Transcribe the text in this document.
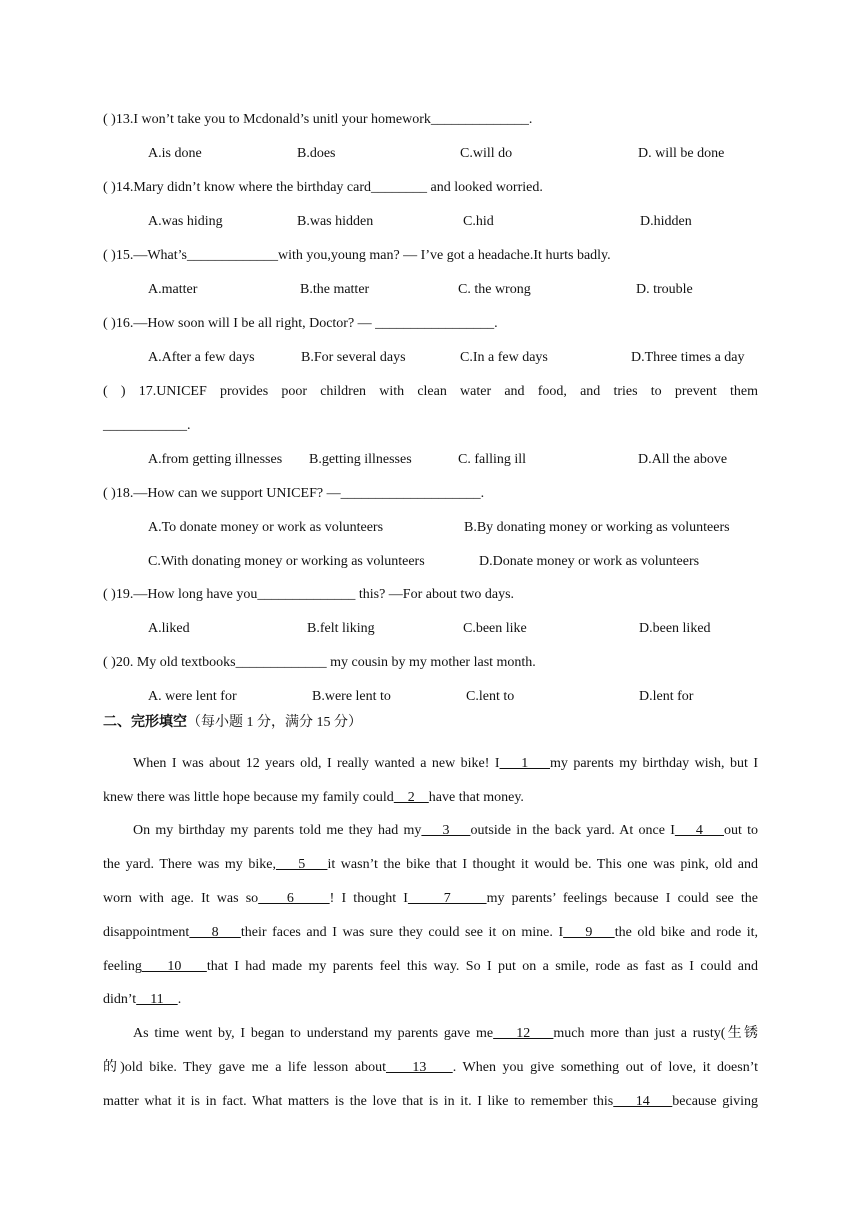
( )13.I won’t take you to Mcdonald’s unitl your homework______________.
A.is done	B.does	C.will do	D. will be done
( )14.Mary didn’t know where the birthday card________ and looked worried.
A.was hiding	B.was hidden	C.hid	D.hidden
( )15.—What’s_____________with you,young man? — I’ve got a headache.It hurts badly.
A.matter	B.the matter	C. the wrong	D. trouble
( )16.—How soon will I be all right, Doctor? — _________________.
A.After a few days	B.For several days	C.In a few days	D.Three times a day
( ) 17.UNICEF provides poor children with clean water and food, and tries to prevent them
____________.
A.from getting illnesses B.getting illnesses	C. falling ill	D.All the above
( )18.—How can we support UNICEF? —____________________.
A.To donate money or work as volunteers	B.By donating money or working as volunteers
C.With donating money or working as volunteers	D.Donate money or work as volunteers
( )19.—How long have you______________ this? —For about two days.
A.liked	B.felt liking	C.been like	D.been liked
( )20. My old textbooks_____________ my cousin by my mother last month.
A. were lent for	B.were lent to	C.lent to	D.lent for
二、完形填空（每小题 1 分，满分 15 分）
When I was about 12 years old, I really wanted a new bike! I    1    my parents my birthday wish, but I
knew there was little hope because my family could    2    have that money.
On my birthday my parents told me they had my    3    outside in the back yard. At once I    4    out to
the yard. There was my bike,    5    it wasn’t the bike that I thought it would be. This one was pink, old and
worn with age. It was so    6     ! I thought I     7     my parents’ feelings because I could see the
disappointment    8    their faces and I was sure they could see it on mine. I    9    the old bike and rode it,
feeling    10    that I had made my parents feel this way. So I put on a smile, rode as fast as I could and
didn’t    11    .
As time went by, I began to understand my parents gave me    12    much more than just a rusty(生锈
的)old bike. They gave me a life lesson about    13    . When you give something out of love, it doesn’t
matter what it is in fact. What matters is the love that is in it. I like to remember this    14    because giving
